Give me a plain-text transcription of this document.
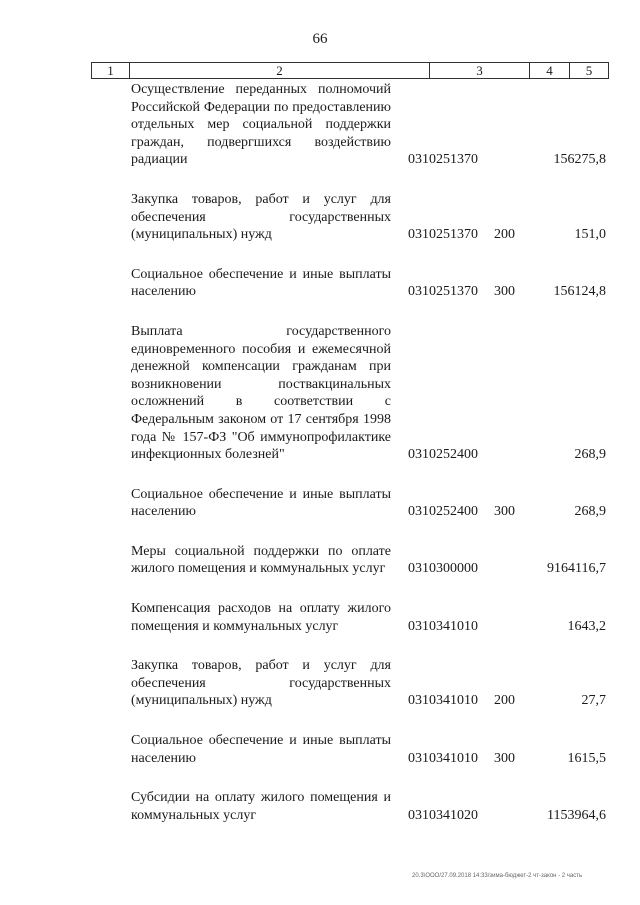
66
1	2	3	4	5
Осуществление переданных полномочий Российской Федерации по предоставлению отдельных мер социальной поддержки граждан, подвергшихся воздействию радиации	0310251370	156275,8
Закупка товаров, работ и услуг для обеспечения государственных (муниципальных) нужд	0310251370 200	151,0
Социальное обеспечение и иные выплаты населению	0310251370 300	156124,8
Выплата государственного единовременного пособия и ежемесячной денежной компенсации гражданам при возникновении поствакцинальных осложнений в соответствии с Федеральным законом от 17 сентября 1998 года № 157-ФЗ "Об иммунопрофилактике инфекционных болезней"	0310252400	268,9
Социальное обеспечение и иные выплаты населению	0310252400 300	268,9
Меры социальной поддержки по оплате жилого помещения и коммунальных услуг	0310300000	9164116,7
Компенсация расходов на оплату жилого помещения и коммунальных услуг	0310341010	1643,2
Закупка товаров, работ и услуг для обеспечения государственных (муниципальных) нужд	0310341010 200	27,7
Социальное обеспечение и иные выплаты населению	0310341010 300	1615,5
Субсидии на оплату жилого помещения и коммунальных услуг	0310341020	1153964,6
20.3\ООО/27.09.2018 14:33/зима-бюджет-2 чт-закон - 2 часть
